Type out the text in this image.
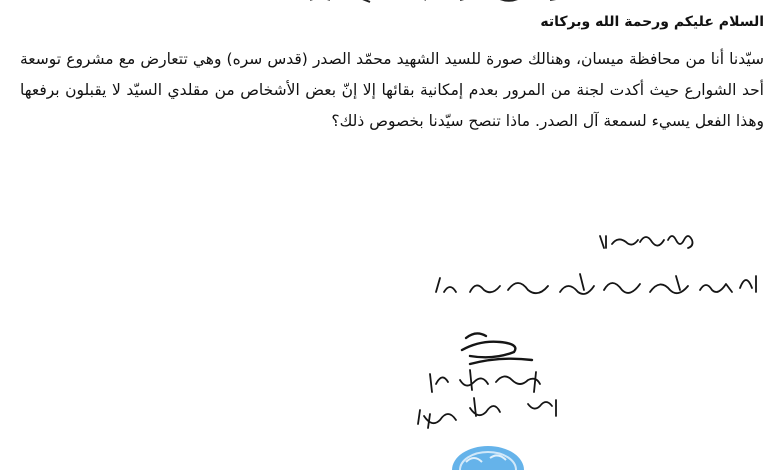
السلام عليكم ورحمة الله وبركاته

سيّدنا أنا من محافظة ميسان، وهنالك صورة للسيد الشهيد محمّد الصدر (قدس سره) وهي تتعارض مع مشروع توسعة أحد الشوارع حيث أكدت لجنة من المرور بعدم إمكانية بقائها إلا إنّ بعض الأشخاص من مقلدي السيّد لا يقبلون برفعها وهذا الفعل يسيء لسمعة آل الصدر. ماذا تنصح سيّدنا بخصوص ذلك؟
